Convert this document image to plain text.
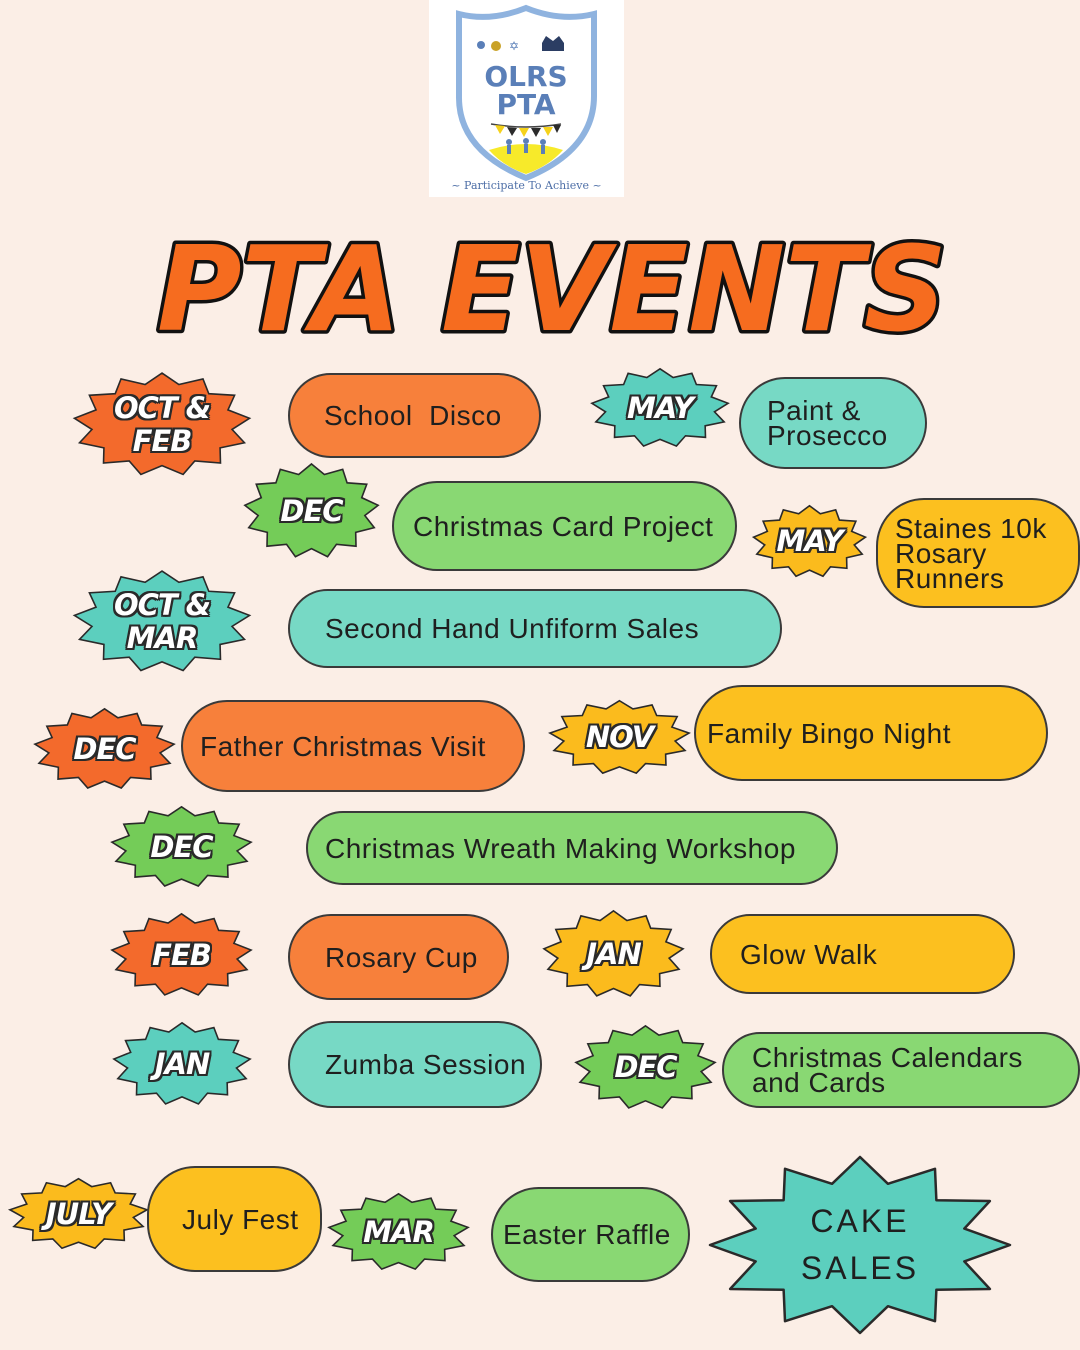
✡
OLRS
PTA
~ Participate To Achieve ~
PTA EVENTS
OCT &
FEB
MAY
DEC
MAY
OCT &
MAR
DEC	NOV
DEC
FEB	JAN
JAN	DEC
JULY
MAR
School  Disco	Paint &
Prosecco
Christmas Card Project	Staines 10k
Rosary
Runners
Second Hand Unfiform Sales
Father Christmas Visit	Family Bingo Night
Christmas Wreath Making Workshop
Rosary Cup	Glow Walk
Zumba Session	Christmas Calendars
and Cards
July Fest	Easter Raffle	CAKE
SALES
